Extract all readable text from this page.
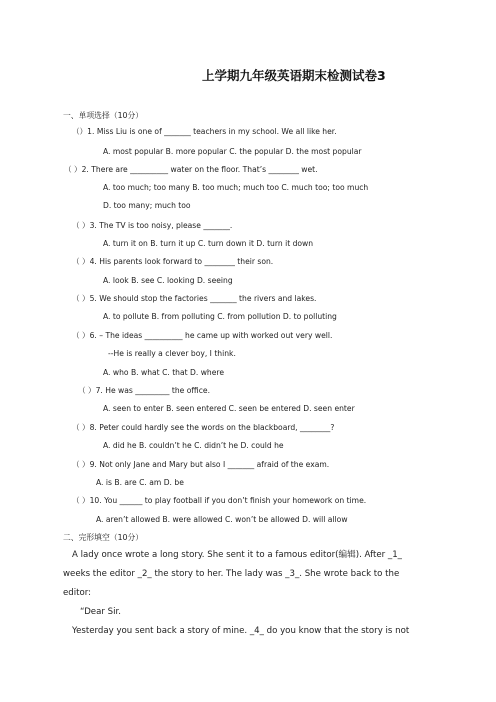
上学期九年级英语期末检测试卷3
一、单项选择（10分）
（）1. Miss Liu is one of _______ teachers in my school. We all like her.
A. most popular B. more popular C. the popular D. the most popular
（ ）2. There are __________ water on the floor. That’s ________ wet.
A. too much; too many B. too much; much too C. much too; too much
D. too many; much too
（ ）3. The TV is too noisy, please _______.
A. turn it on B. turn it up C. turn down it D. turn it down
（ ）4. His parents look forward to ________ their son.
A. look B. see C. looking D. seeing
（ ）5. We should stop the factories _______ the rivers and lakes.
A. to pollute B. from polluting C. from pollution D. to polluting
（ ）6. – The ideas __________ he came up with worked out very well.
--He is really a clever boy, I think.
A. who B. what C. that D. where
（ ）7. He was _________ the office.
A. seen to enter B. seen entered C. seen be entered D. seen enter
（ ）8. Peter could hardly see the words on the blackboard, ________?
A. did he B. couldn’t he C. didn’t he D. could he
（ ）9. Not only Jane and Mary but also I _______ afraid of the exam.
A. is B. are C. am D. be
（ ）10. You ______ to play football if you don’t finish your homework on time.
A. aren’t allowed B. were allowed C. won’t be allowed D. will allow
二、完形填空（10分）
A lady once wrote a long story. She sent it to a famous editor(编辑). After _1_
weeks the editor _2_ the story to her. The lady was _3_. She wrote back to the
editor:
“Dear Sir.
Yesterday you sent back a story of mine. _4_ do you know that the story is not
